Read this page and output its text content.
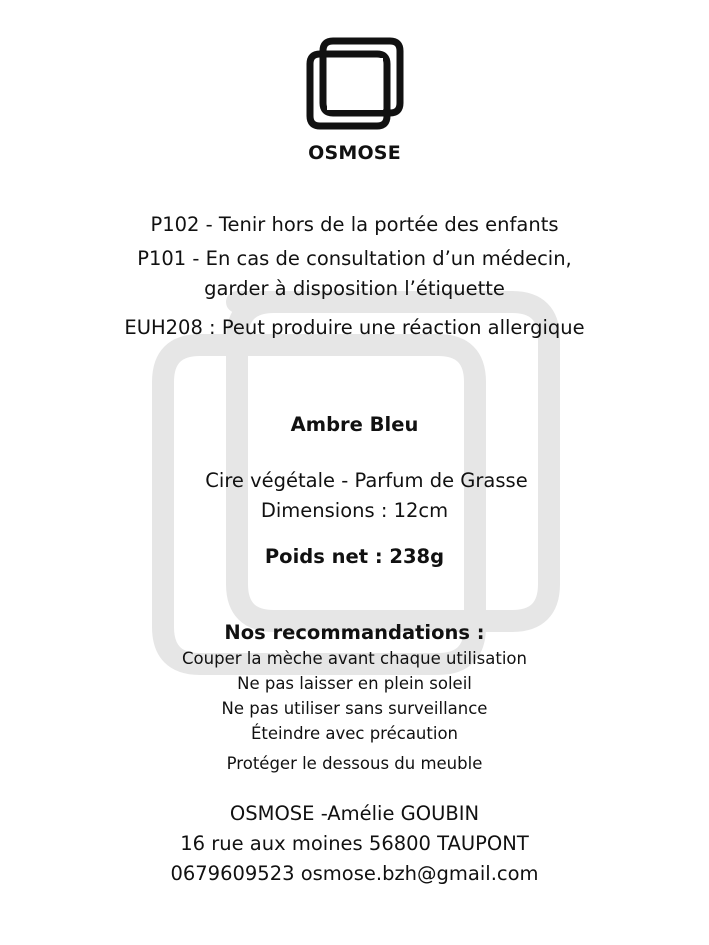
OSMOSE
P102 - Tenir hors de la portée des enfants
P101 - En cas de consultation d’un médecin,
garder à disposition l’étiquette
EUH208 : Peut produire une réaction allergique
Ambre Bleu
Cire végétale - Parfum de Grasse
Dimensions : 12cm
Poids net : 238g
Nos recommandations :
Couper la mèche avant chaque utilisation
Ne pas laisser en plein soleil
Ne pas utiliser sans surveillance
Éteindre avec précaution
Protéger le dessous du meuble
OSMOSE -Amélie GOUBIN
16 rue aux moines 56800 TAUPONT
0679609523 osmose.bzh@gmail.com
